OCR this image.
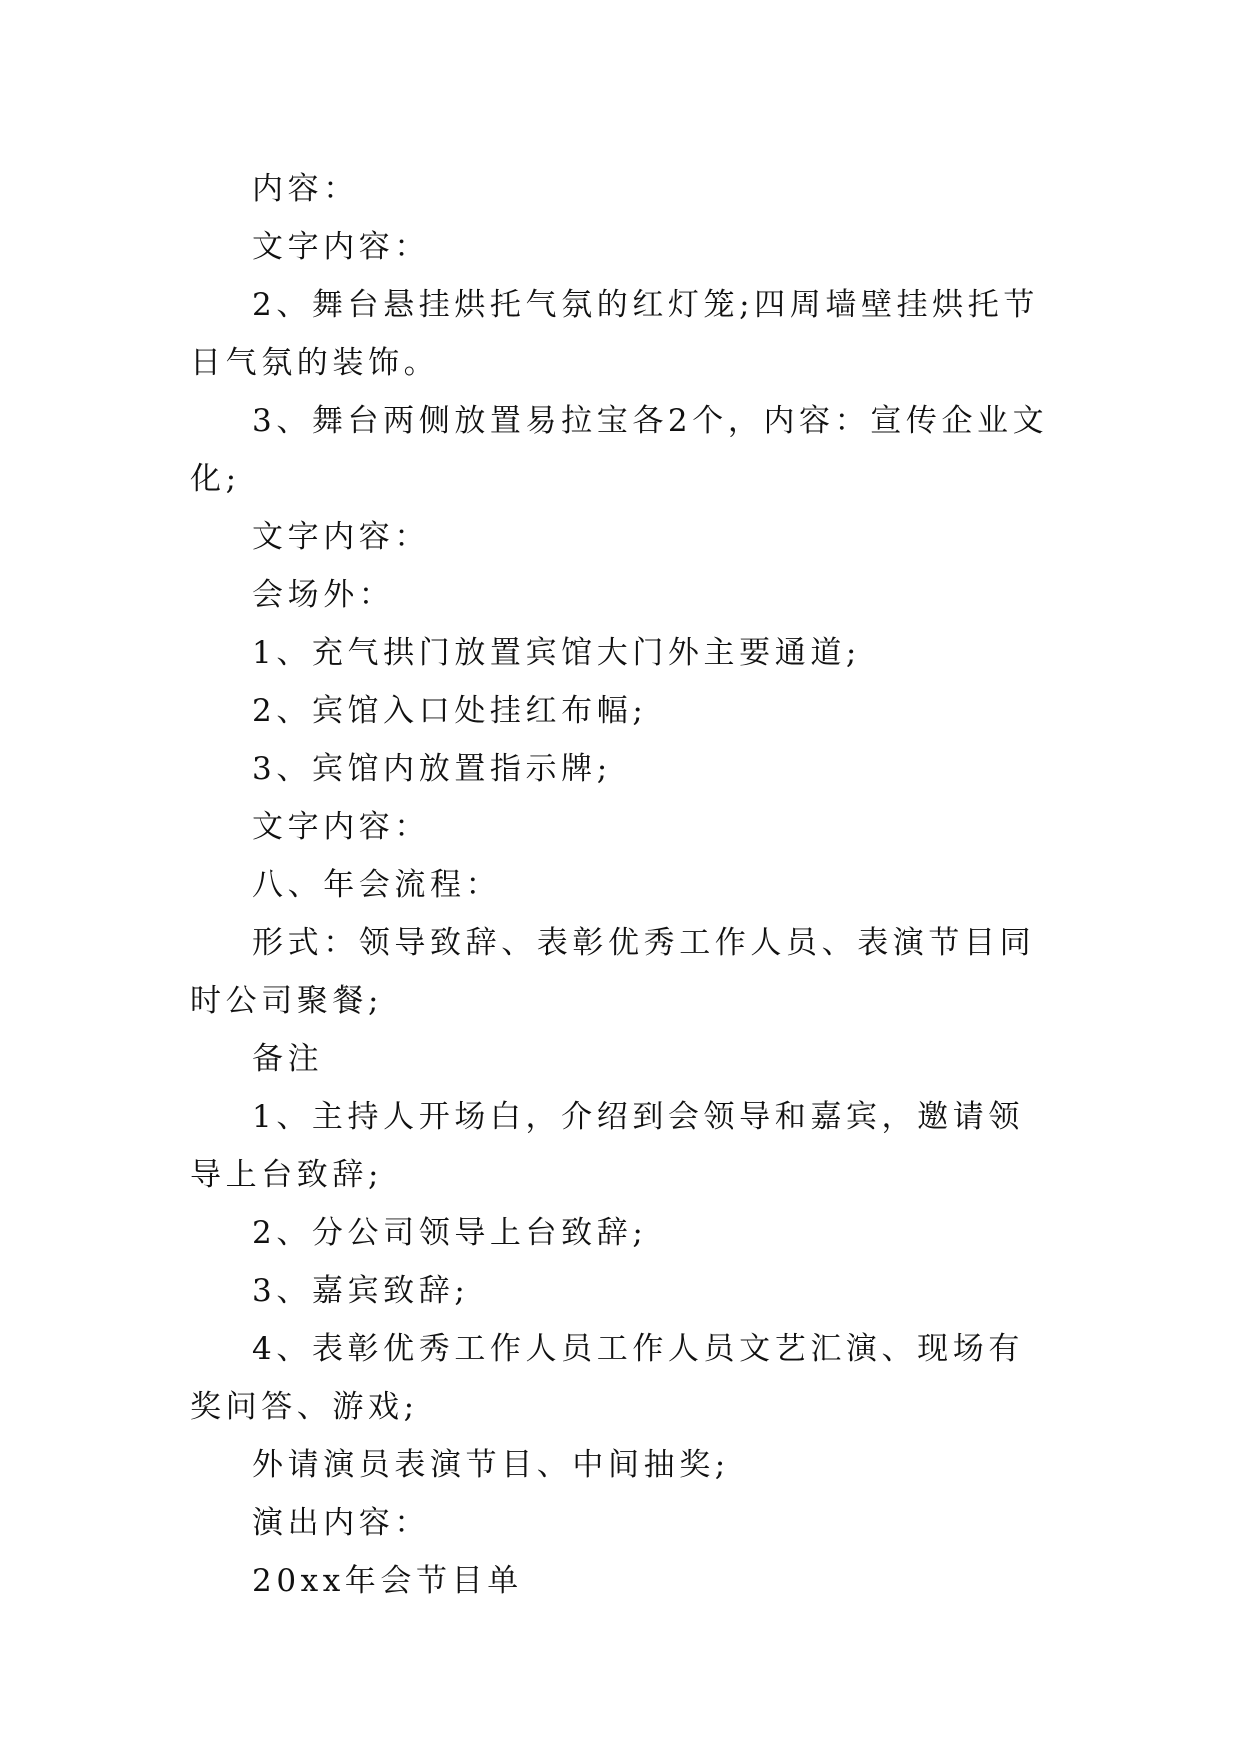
内容：

文字内容：

2、舞台悬挂烘托气氛的红灯笼;四周墙壁挂烘托节日气氛的装饰。

3、舞台两侧放置易拉宝各2个，内容：宣传企业文化;

文字内容：

会场外：

1、充气拱门放置宾馆大门外主要通道;

2、宾馆入口处挂红布幅;

3、宾馆内放置指示牌;

文字内容：

八、年会流程：

形式：领导致辞、表彰优秀工作人员、表演节目同时公司聚餐;

备注

1、主持人开场白，介绍到会领导和嘉宾，邀请领导上台致辞;

2、分公司领导上台致辞;

3、嘉宾致辞;

4、表彰优秀工作人员工作人员文艺汇演、现场有奖问答、游戏;

外请演员表演节目、中间抽奖;

演出内容：

20xx年会节目单
